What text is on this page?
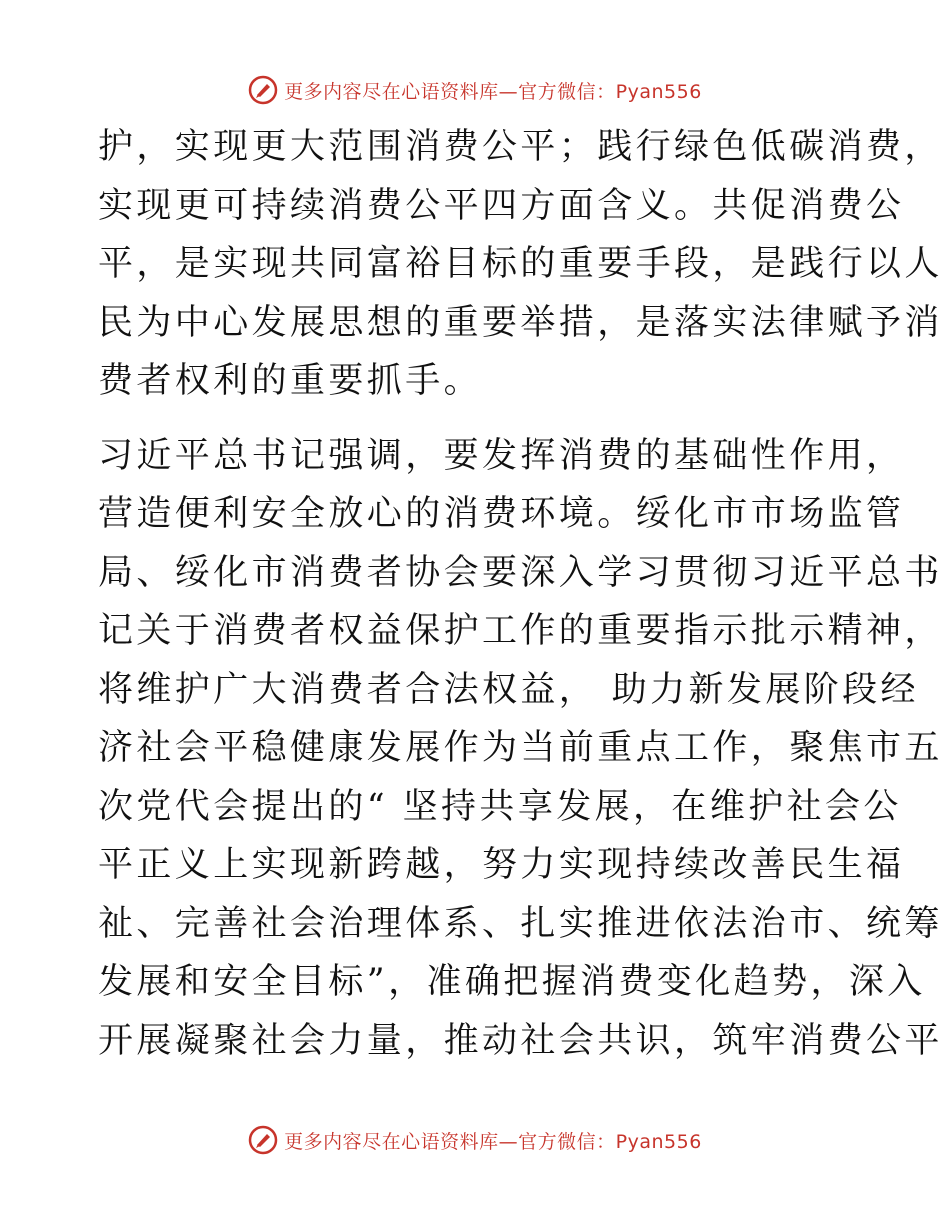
更多内容尽在心语资料库—官方微信：Pyan556

护，实现更大范围消费公平；践行绿色低碳消费，
实现更可持续消费公平四方面含义。共促消费公
平，是实现共同富裕目标的重要手段，是践行以人
民为中心发展思想的重要举措，是落实法律赋予消
费者权利的重要抓手。

习近平总书记强调，要发挥消费的基础性作用，
营造便利安全放心的消费环境。绥化市市场监管
局、绥化市消费者协会要深入学习贯彻习近平总书
记关于消费者权益保护工作的重要指示批示精神，
将维护广大消费者合法权益， 助力新发展阶段经
济社会平稳健康发展作为当前重点工作，聚焦市五
次党代会提出的“ 坚持共享发展，在维护社会公
平正义上实现新跨越，努力实现持续改善民生福
祉、完善社会治理体系、扎实推进依法治市、统筹
发展和安全目标”，准确把握消费变化趋势，深入
开展凝聚社会力量，推动社会共识，筑牢消费公平

更多内容尽在心语资料库—官方微信：Pyan556
